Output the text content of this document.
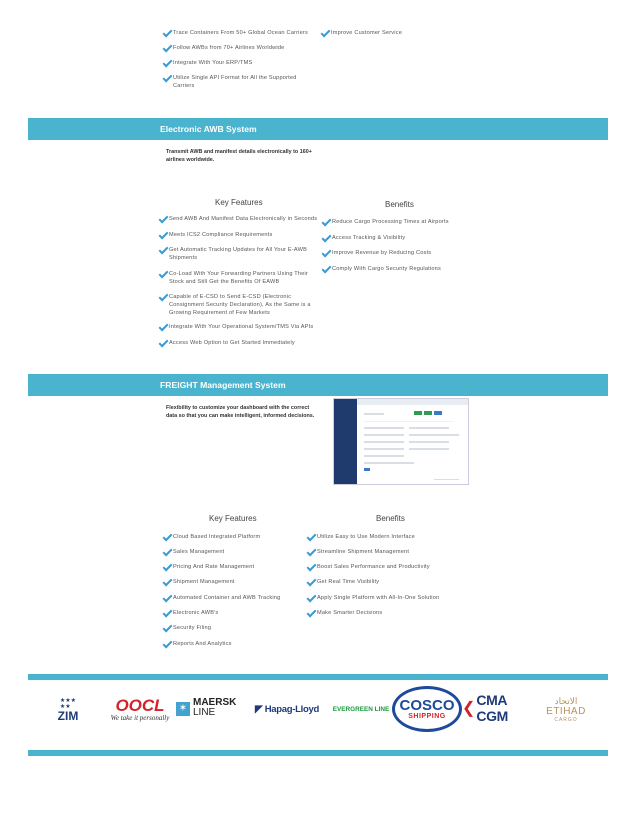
Trace Containers From 50+ Global Ocean Carriers
Follow AWBs from 70+ Airlines Worldwide
Integrate With Your ERP/TMS
Utilize Single API Format for All the Supported Carriers
Improve Customer Service
Electronic AWB System
Transmit AWB and manifest details electronically to 160+ airlines worldwide.
Key Features	Benefits
Send AWB And Manifest Data Electronically in Seconds
Meets ICS2 Compliance Requirements
Get Automatic Tracking Updates for All Your E-AWB Shipments
Co-Load With Your Forwarding Partners Using Their Stock and Still Get the Benefits Of EAWB
Capable of E-CSD to Send E-CSD (Electronic Consignment Security Declaration), As the Same is a Growing Requirement of Few Markets
Integrate With Your Operational System/TMS Via APIs
Access Web Option to Get Started Immediately
Reduce Cargo Processing Times at Airports
Access Tracking & Visibility
Improve Revenue by Reducing Costs
Comply With Cargo Security Regulations
FREIGHT Management System
Flexibility to customize your dashboard with the correct data so that you can make intelligent, informed decisions.
Key Features	Benefits
Cloud Based Integrated Platform
Sales Management
Pricing And Rate Management
Shipment Management
Automated Container and AWB Tracking
Electronic AWB's
Security Filing
Reports And Analytics
Utilize Easy to Use Modern Interface
Streamline Shipment Management
Boost Sales Performance and Productivity
Get Real Time Visibility
Apply Single Platform with All-In-One Solution
Make Smarter Decisions
★★★
★★
ZIM
OOCL
We take it personally
✶
MAERSK
LINE	◤ Hapag-Lloyd EVERGREEN LINE COSCO
SHIPPING ❮ CMA CGM
الاتحاد
ETIHAD
CARGO
